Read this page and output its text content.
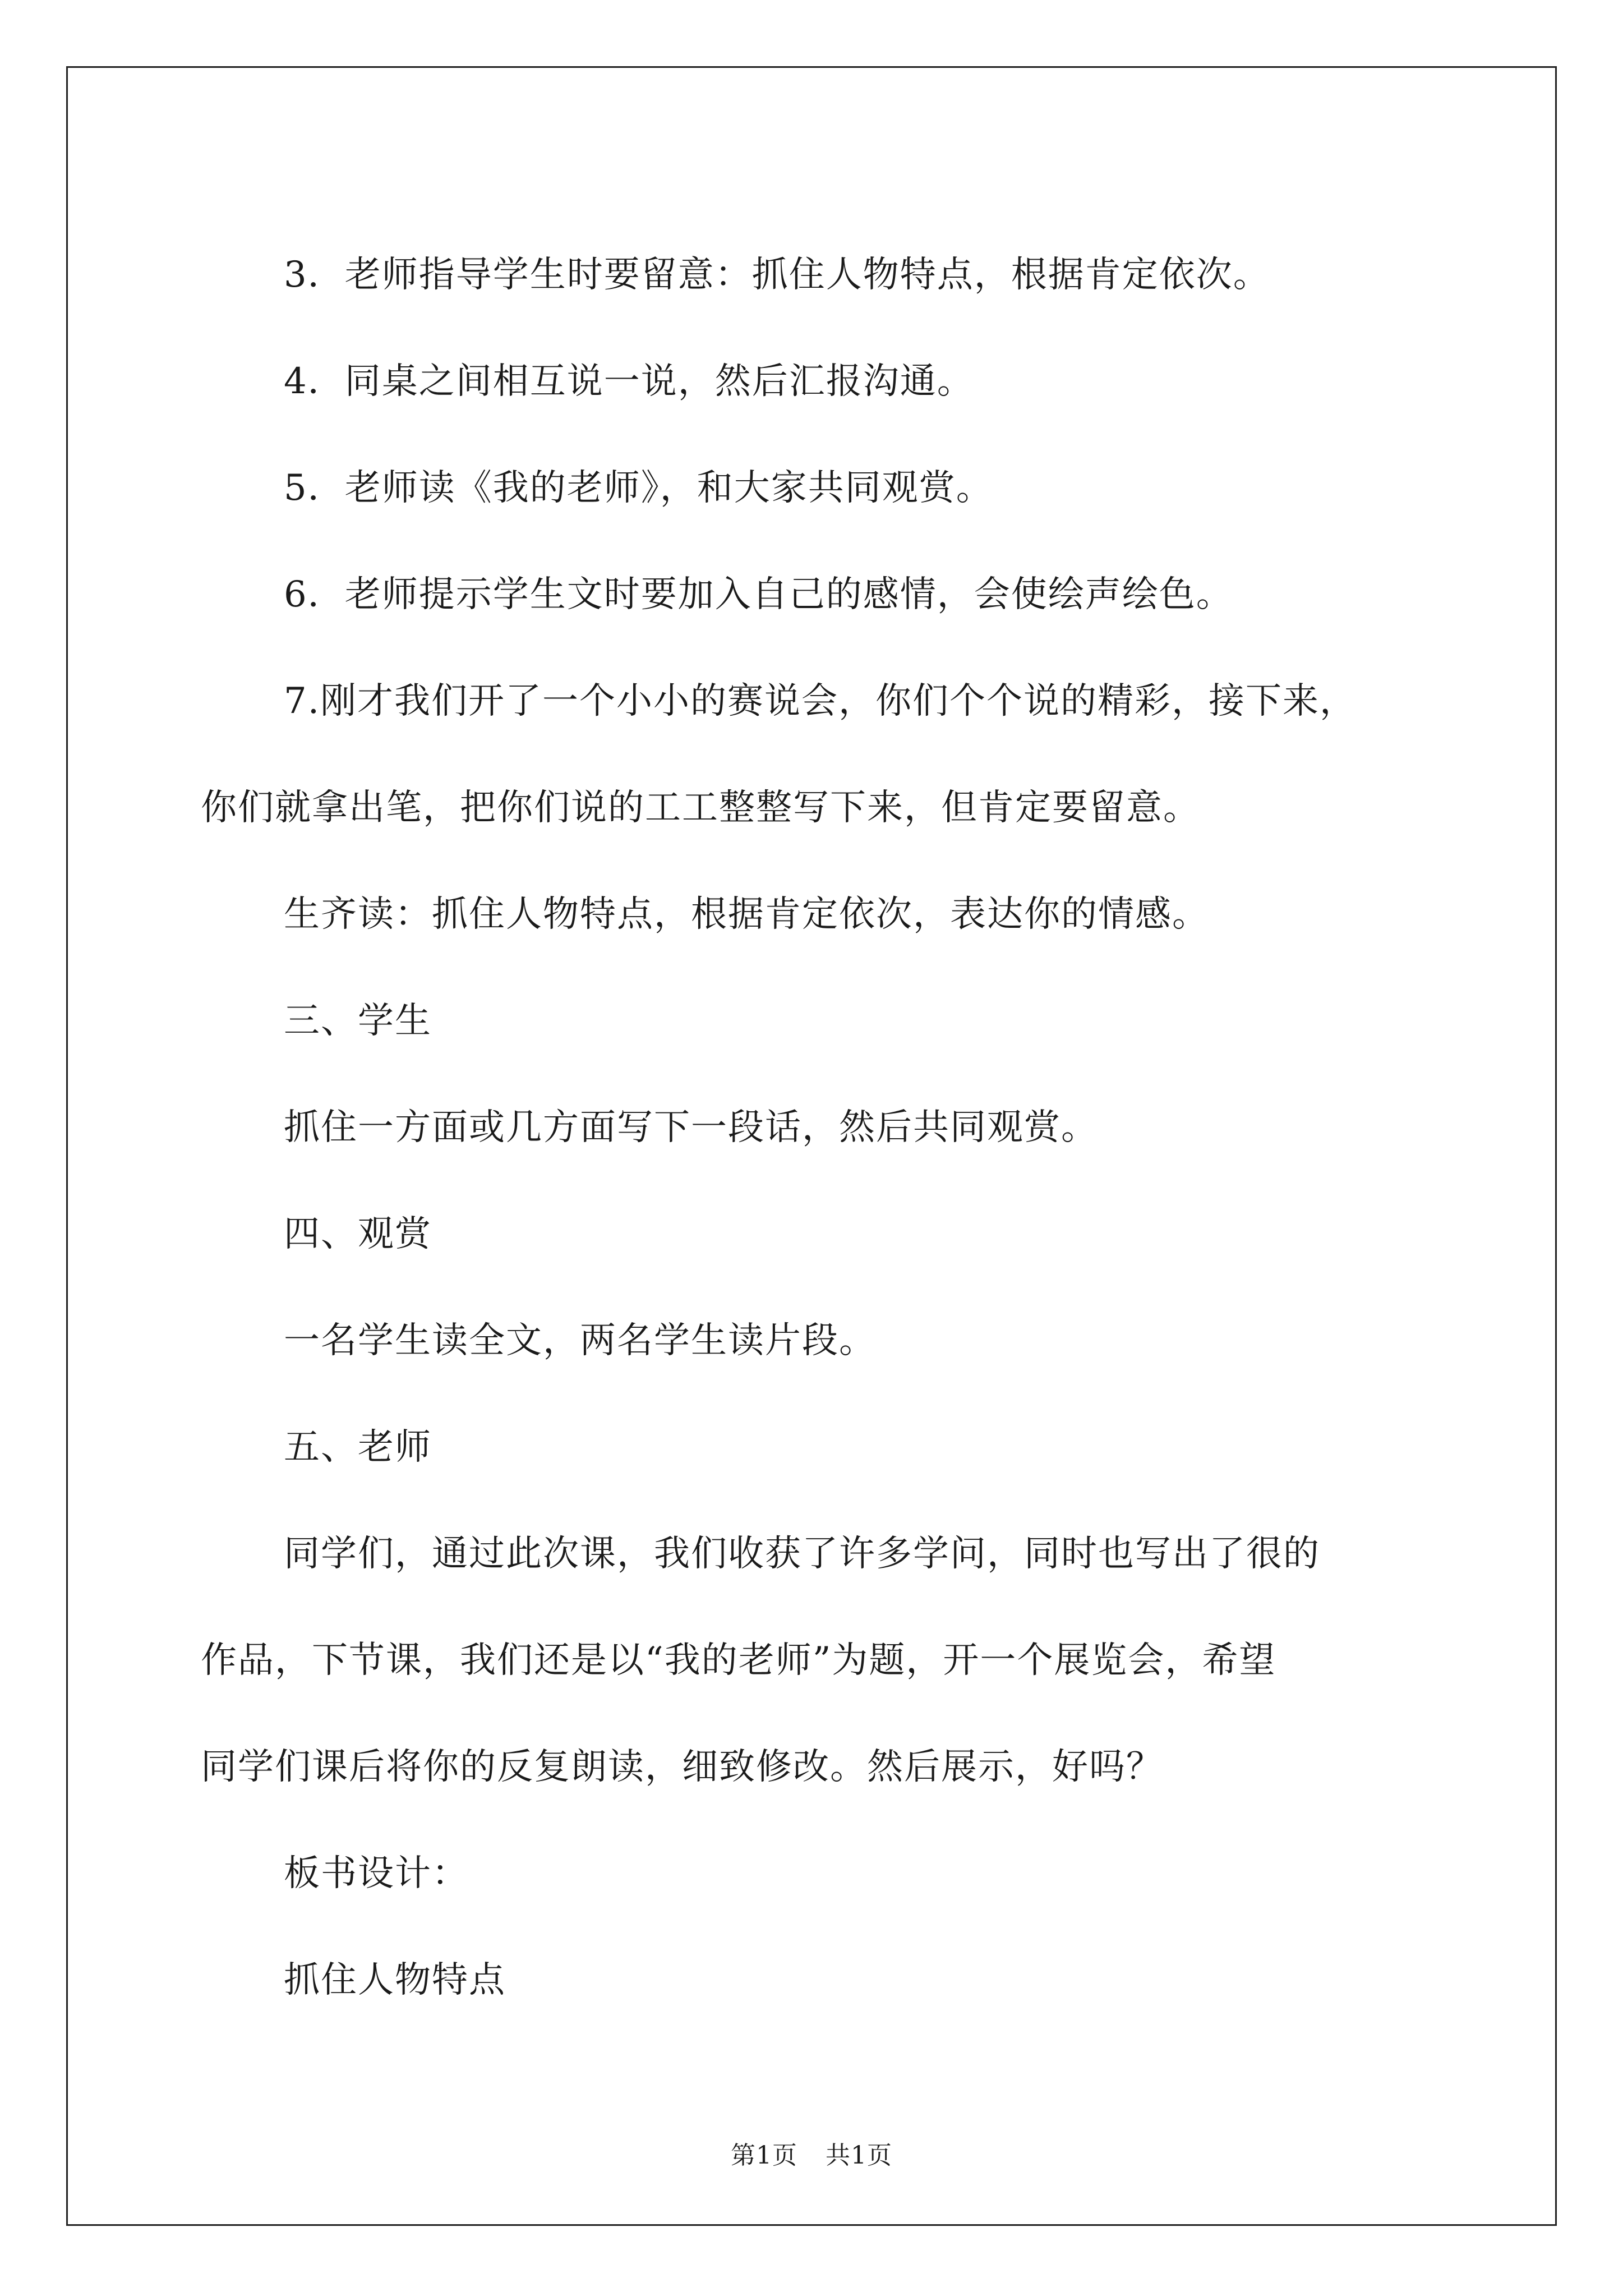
3．老师指导学生时要留意：抓住人物特点，根据肯定依次。

4．同桌之间相互说一说，然后汇报沟通。

5．老师读《我的老师》，和大家共同观赏。

6．老师提示学生文时要加入自己的感情，会使绘声绘色。

7.刚才我们开了一个小小的赛说会，你们个个说的精彩，接下来，

你们就拿出笔，把你们说的工工整整写下来，但肯定要留意。

生齐读：抓住人物特点，根据肯定依次，表达你的情感。

三、学生

抓住一方面或几方面写下一段话，然后共同观赏。

四、观赏

一名学生读全文，两名学生读片段。

五、老师

同学们，通过此次课，我们收获了许多学问，同时也写出了很的

作品，下节课，我们还是以“我的老师”为题，开一个展览会，希望

同学们课后将你的反复朗读，细致修改。然后展示，好吗？

板书设计：

抓住人物特点

第1页 共1页
